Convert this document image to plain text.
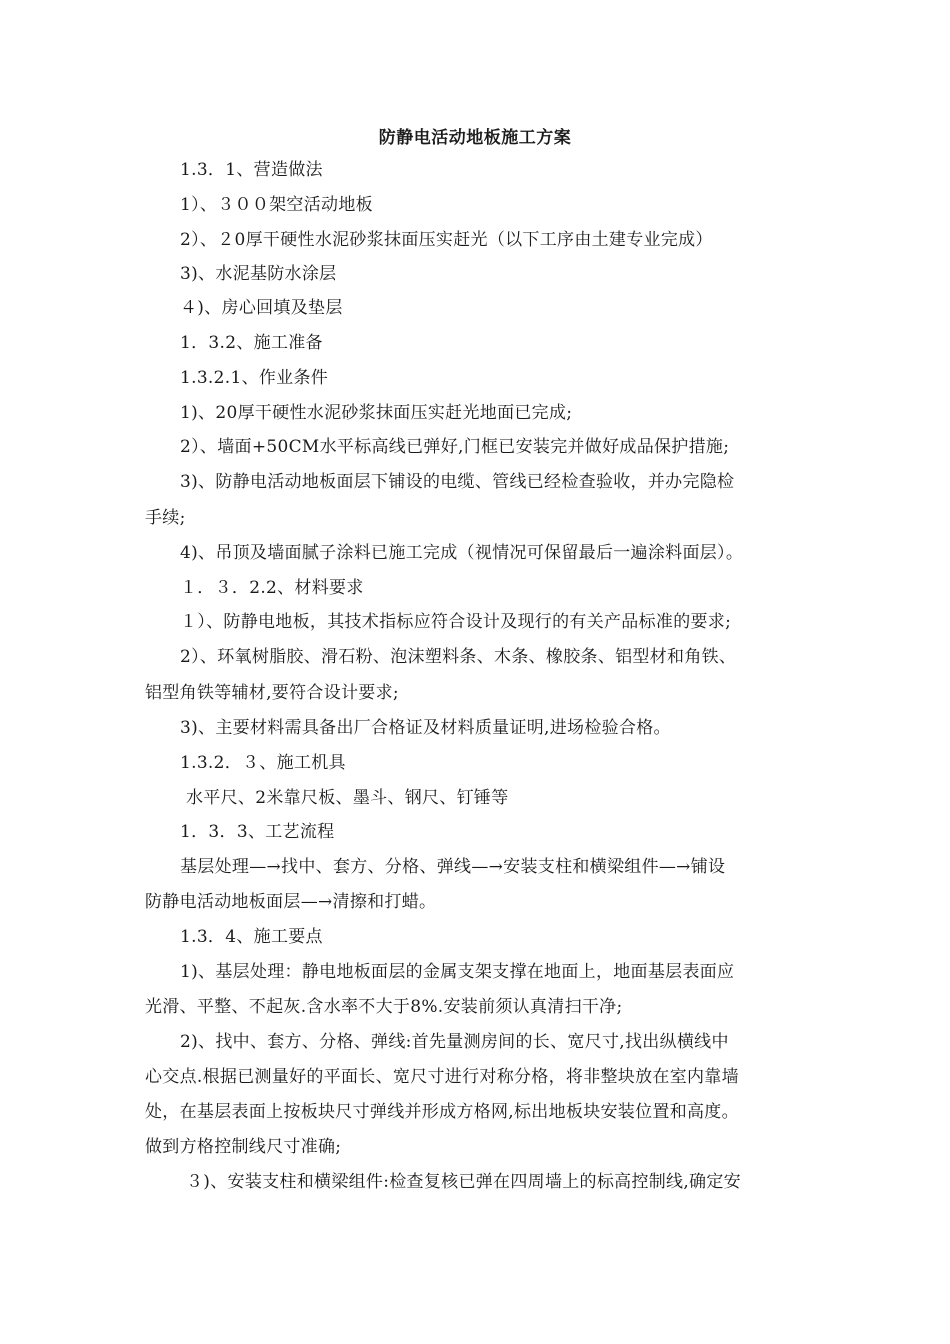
防静电活动地板施工方案
1.3．1、营造做法
1）、３００架空活动地板
2）、２0厚干硬性水泥砂浆抹面压实赶光（以下工序由土建专业完成）
3)、水泥基防水涂层
４)、房心回填及垫层
1．3.2、施工准备
1.3.2.1、作业条件
1)、20厚干硬性水泥砂浆抹面压实赶光地面已完成;
2）、墙面+50CM水平标高线已弹好,门框已安装完并做好成品保护措施;
3)、防静电活动地板面层下铺设的电缆、管线已经检查验收，并办完隐检
手续;
4)、吊顶及墙面腻子涂料已施工完成（视情况可保留最后一遍涂料面层）。
１．３．2.2、材料要求
１）、防静电地板，其技术指标应符合设计及现行的有关产品标准的要求;
2）、环氧树脂胶、滑石粉、泡沫塑料条、木条、橡胶条、铝型材和角铁、
铝型角铁等辅材,要符合设计要求;
3)、主要材料需具备出厂合格证及材料质量证明,进场检验合格。
1.3.2．３、施工机具
水平尺、2米靠尺板、墨斗、钢尺、钉锤等
1．3．3、工艺流程
基层处理—→找中、套方、分格、弹线—→安装支柱和横梁组件—→铺设
防静电活动地板面层—→清擦和打蜡。
1.3．4、施工要点
1)、基层处理：静电地板面层的金属支架支撑在地面上，地面基层表面应
光滑、平整、不起灰.含水率不大于8%.安装前须认真清扫干净;
2)、找中、套方、分格、弹线:首先量测房间的长、宽尺寸,找出纵横线中
心交点.根据已测量好的平面长、宽尺寸进行对称分格，将非整块放在室内靠墙
处，在基层表面上按板块尺寸弹线并形成方格网,标出地板块安装位置和高度。
做到方格控制线尺寸准确;
３)、安装支柱和横梁组件:检查复核已弹在四周墙上的标高控制线,确定安
